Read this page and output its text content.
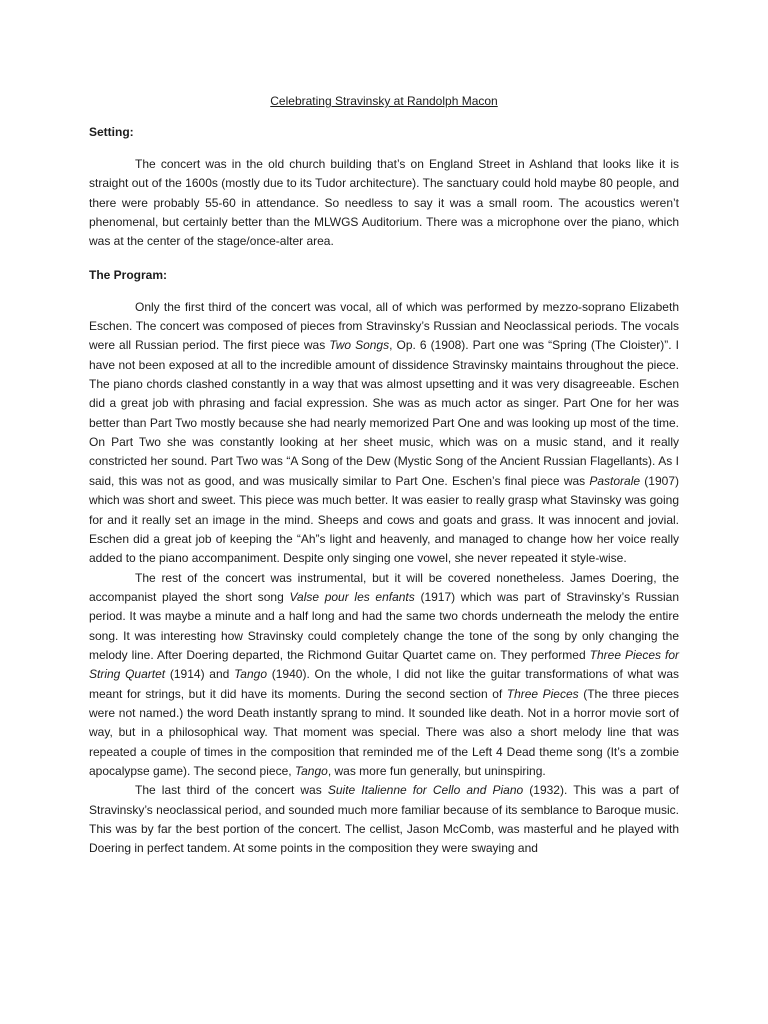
Celebrating Stravinsky at Randolph Macon
Setting:

The concert was in the old church building that’s on England Street in Ashland that looks like it is straight out of the 1600s (mostly due to its Tudor architecture). The sanctuary could hold maybe 80 people, and there were probably 55-60 in attendance. So needless to say it was a small room. The acoustics weren’t phenomenal, but certainly better than the MLWGS Auditorium. There was a microphone over the piano, which was at the center of the stage/once-alter area.

The Program:

Only the first third of the concert was vocal, all of which was performed by mezzo-soprano Elizabeth Eschen. The concert was composed of pieces from Stravinsky’s Russian and Neoclassical periods. The vocals were all Russian period. The first piece was Two Songs, Op. 6 (1908). Part one was “Spring (The Cloister)”. I have not been exposed at all to the incredible amount of dissidence Stravinsky maintains throughout the piece. The piano chords clashed constantly in a way that was almost upsetting and it was very disagreeable. Eschen did a great job with phrasing and facial expression. She was as much actor as singer. Part One for her was better than Part Two mostly because she had nearly memorized Part One and was looking up most of the time. On Part Two she was constantly looking at her sheet music, which was on a music stand, and it really constricted her sound. Part Two was “A Song of the Dew (Mystic Song of the Ancient Russian Flagellants). As I said, this was not as good, and was musically similar to Part One. Eschen’s final piece was Pastorale (1907) which was short and sweet. This piece was much better. It was easier to really grasp what Stavinsky was going for and it really set an image in the mind. Sheeps and cows and goats and grass. It was innocent and jovial. Eschen did a great job of keeping the “Ah”s light and heavenly, and managed to change how her voice really added to the piano accompaniment. Despite only singing one vowel, she never repeated it style-wise.

The rest of the concert was instrumental, but it will be covered nonetheless. James Doering, the accompanist played the short song Valse pour les enfants (1917) which was part of Stravinsky’s Russian period. It was maybe a minute and a half long and had the same two chords underneath the melody the entire song. It was interesting how Stravinsky could completely change the tone of the song by only changing the melody line. After Doering departed, the Richmond Guitar Quartet came on. They performed Three Pieces for String Quartet (1914) and Tango (1940). On the whole, I did not like the guitar transformations of what was meant for strings, but it did have its moments. During the second section of Three Pieces (The three pieces were not named.) the word Death instantly sprang to mind. It sounded like death. Not in a horror movie sort of way, but in a philosophical way. That moment was special. There was also a short melody line that was repeated a couple of times in the composition that reminded me of the Left 4 Dead theme song (It’s a zombie apocalypse game). The second piece, Tango, was more fun generally, but uninspiring.

The last third of the concert was Suite Italienne for Cello and Piano (1932). This was a part of Stravinsky’s neoclassical period, and sounded much more familiar because of its semblance to Baroque music. This was by far the best portion of the concert. The cellist, Jason McComb, was masterful and he played with Doering in perfect tandem. At some points in the composition they were swaying and
